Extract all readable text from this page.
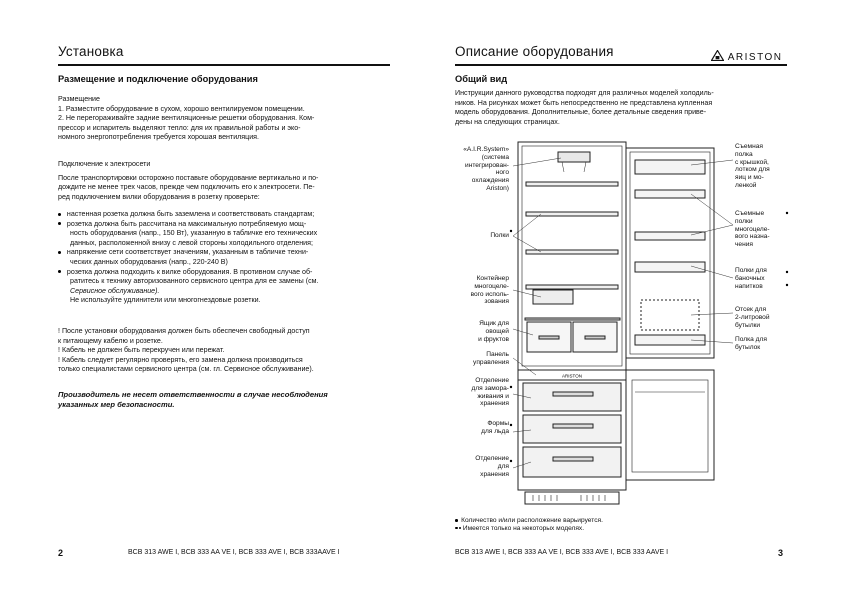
Установка
Размещение и подключение оборудования

Размещение

1. Разместите оборудование в сухом, хорошо вентилируемом помещении.

2. Не перегораживайте задние вентиляционные решетки оборудования. Ком-

прессор и испаритель выделяют тепло: для их правильной работы и эко-

номного энергопотребления требуется хорошая вентиляция.

Подключение к электросети

После транспортировки осторожно поставьте оборудование вертикально и по-

дождите не менее трех часов, прежде чем подключить его к электросети. Пе-

ред подключением вилки оборудования в розетку проверьте:

настенная розетка должна быть заземлена и соответствовать стандартам;

розетка должна быть рассчитана на максимальную потребляемую мощ-

ность оборудования (напр., 150 Вт), указанную в табличке его технических

данных, расположенной внизу с левой стороны холодильного отделения;

напряжение сети соответствует значениям, указанным в табличке техни-

ческих данных оборудования (напр., 220-240 В)

розетка должна подходить к вилке оборудования. В противном случае об-

ратитесь к технику авторизованного сервисного центра для ее замены (см.

Сервисное обслуживание).

Не используйте удлинители или многогнездовые розетки.

! После установки оборудования должен быть обеспечен свободный доступ

к питающему кабелю и розетке.

! Кабель не должен быть перекручен или пережат.

! Кабель следует регулярно проверять, его замена должна производиться

только специалистами сервисного центра (см. гл. Сервисное обслуживание).

Производитель не несет ответственности в случае несоблюдения

указанных мер безопасности.

2	BCB 313 AWE I, BCB 333 AA VE I, BCB 333 AVE I, BCB 333AAVE I
Описание оборудования	ARISTON
Общий вид

Инструкции данного руководства подходят для различных моделей холодиль-

ников. На рисунках может быть непосредственно не представлена купленная

модель оборудования. Дополнительные, более детальные сведения приве-

дены на следующих страницах.

ARISTON
«A.I.R.System»
(система
интегрирован-
ного
охлаждения
Ariston)
Полки
Контейнер
многоцеле-
вого исполь-
зования
Ящик для
овощей
и фруктов
Панель
управления
Отделение
для замора-
живания и
хранения
Формы
для льда
Отделение
для
хранения
Съемная
полка
с крышкой,
лотком для
яиц и мо-
ленкой
Съемные
полки
многоцеле-
вого назна-
чения
Полки для
баночных
напитков
Отсек для
2-литровой
бутылки
Полка для
бутылок
Количество и/или расположение варьируется.
Имеется только на некоторых моделях.
BCB 313 AWE I, BCB 333 AA VE I, BCB 333 AVE I, BCB 333 AAVE I	3
